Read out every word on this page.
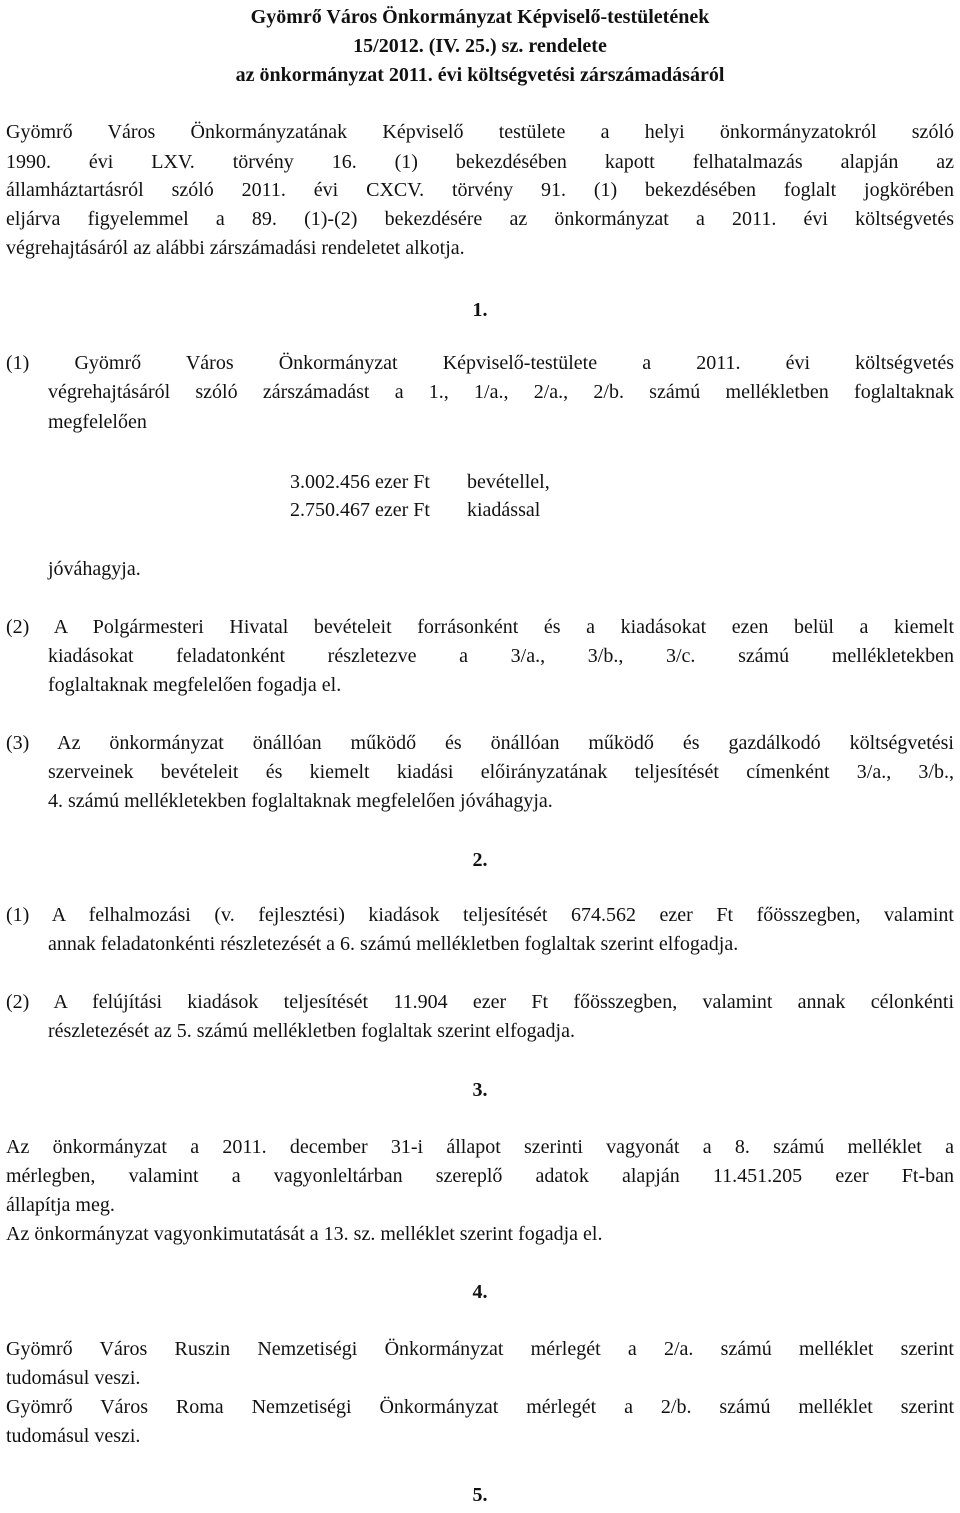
Gyömrő Város Önkormányzat Képviselő-testületének
15/2012. (IV. 25.) sz. rendelete
az önkormányzat 2011. évi költségvetési zárszámadásáról
Gyömrő Város Önkormányzatának Képviselő testülete a helyi önkormányzatokról szóló
1990. évi LXV. törvény 16. (1) bekezdésében kapott felhatalmazás alapján az
államháztartásról szóló 2011. évi CXCV. törvény 91. (1) bekezdésében foglalt jogkörében
eljárva figyelemmel a 89. (1)-(2) bekezdésére az önkormányzat a 2011. évi költségvetés
végrehajtásáról az alábbi zárszámadási rendeletet alkotja.
1.
(1) Gyömrő Város Önkormányzat Képviselő-testülete a 2011. évi költségvetés
végrehajtásáról szóló zárszámadást a 1., 1/a., 2/a., 2/b. számú mellékletben foglaltaknak
megfelelően
3.002.456 ezer Ft bevétellel,
2.750.467 ezer Ft kiadással
jóváhagyja.
(2) A Polgármesteri Hivatal bevételeit forrásonként és a kiadásokat ezen belül a kiemelt
kiadásokat feladatonként részletezve a 3/a., 3/b., 3/c. számú mellékletekben
foglaltaknak megfelelően fogadja el.
(3) Az önkormányzat önállóan működő és önállóan működő és gazdálkodó költségvetési
szerveinek bevételeit és kiemelt kiadási előirányzatának teljesítését címenként 3/a., 3/b.,
4. számú mellékletekben foglaltaknak megfelelően jóváhagyja.
2.
(1) A felhalmozási (v. fejlesztési) kiadások teljesítését 674.562 ezer Ft főösszegben, valamint
annak feladatonkénti részletezését a 6. számú mellékletben foglaltak szerint elfogadja.
(2) A felújítási kiadások teljesítését 11.904 ezer Ft főösszegben, valamint annak célonkénti
részletezését az 5. számú mellékletben foglaltak szerint elfogadja.
3.
Az önkormányzat a 2011. december 31-i állapot szerinti vagyonát a 8. számú melléklet a
mérlegben, valamint a vagyonleltárban szereplő adatok alapján 11.451.205 ezer Ft-ban
állapítja meg.
Az önkormányzat vagyonkimutatását a 13. sz. melléklet szerint fogadja el.
4.
Gyömrő Város Ruszin Nemzetiségi Önkormányzat mérlegét a 2/a. számú melléklet szerint
tudomásul veszi.
Gyömrő Város Roma Nemzetiségi Önkormányzat mérlegét a 2/b. számú melléklet szerint
tudomásul veszi.
5.
